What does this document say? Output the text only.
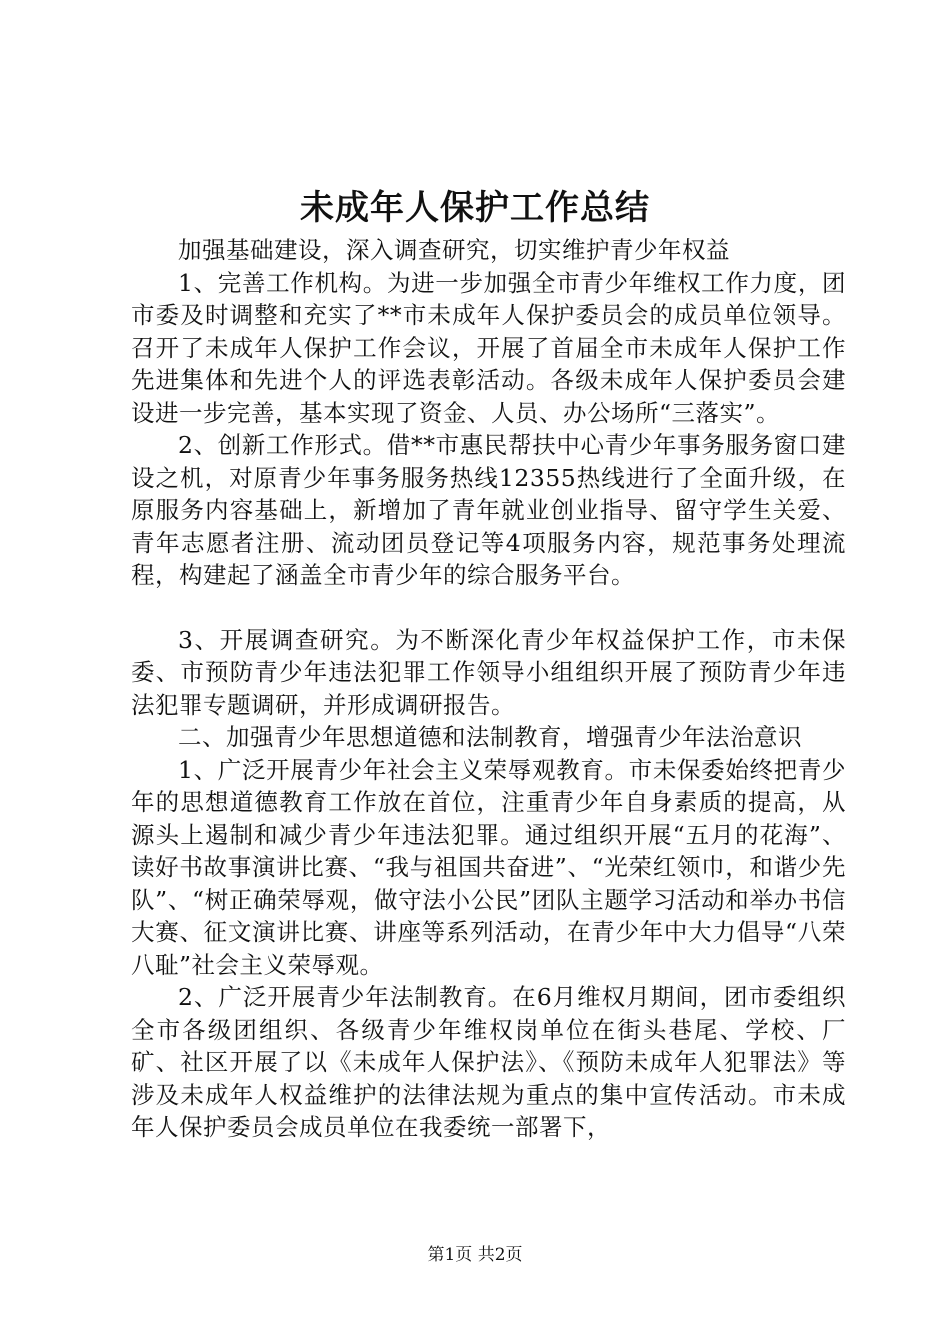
未成年人保护工作总结

加强基础建设，深入调查研究，切实维护青少年权益

1、完善工作机构。为进一步加强全市青少年维权工作力度，团市委及时调整和充实了**市未成年人保护委员会的成员单位领导。召开了未成年人保护工作会议，开展了首届全市未成年人保护工作先进集体和先进个人的评选表彰活动。各级未成年人保护委员会建设进一步完善，基本实现了资金、人员、办公场所“三落实”。

2、创新工作形式。借**市惠民帮扶中心青少年事务服务窗口建设之机，对原青少年事务服务热线12355热线进行了全面升级，在原服务内容基础上，新增加了青年就业创业指导、留守学生关爱、青年志愿者注册、流动团员登记等4项服务内容，规范事务处理流程，构建起了涵盖全市青少年的综合服务平台。

3、开展调查研究。为不断深化青少年权益保护工作，市未保委、市预防青少年违法犯罪工作领导小组组织开展了预防青少年违法犯罪专题调研，并形成调研报告。

二、加强青少年思想道德和法制教育，增强青少年法治意识

1、广泛开展青少年社会主义荣辱观教育。市未保委始终把青少年的思想道德教育工作放在首位，注重青少年自身素质的提高，从源头上遏制和减少青少年违法犯罪。通过组织开展“五月的花海”、读好书故事演讲比赛、“我与祖国共奋进”、“光荣红领巾，和谐少先队”、“树正确荣辱观，做守法小公民”团队主题学习活动和举办书信大赛、征文演讲比赛、讲座等系列活动，在青少年中大力倡导“八荣八耻”社会主义荣辱观。

2、广泛开展青少年法制教育。在6月维权月期间，团市委组织全市各级团组织、各级青少年维权岗单位在街头巷尾、学校、厂矿、社区开展了以《未成年人保护法》、《预防未成年人犯罪法》等涉及未成年人权益维护的法律法规为重点的集中宣传活动。市未成年人保护委员会成员单位在我委统一部署下，

第1页 共2页
